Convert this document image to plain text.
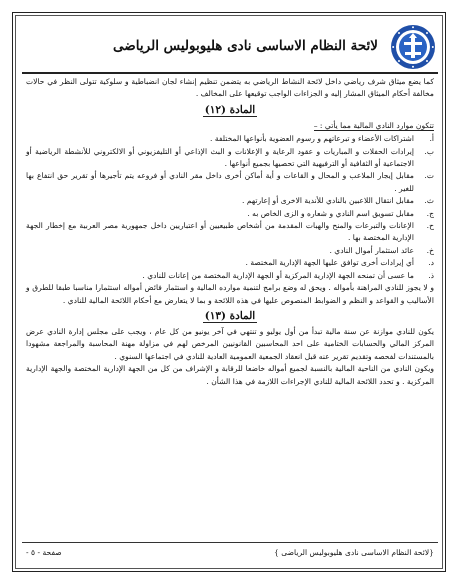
لائحة النظام الاساسى نادى هليوبوليس الرياضى

كما يضع ميثاق شرف رياضي داخل لائحة النشاط الرياضي به يتضمن تنظيم إنشاء لجان انضباطية و سلوكية تتولى النظر في حالات مخالفة أحكام الميثاق المشار إليه و الجزاءات الواجب توقيعها على المخالف .

المادة (١٢)
تتكون موارد النادي المالية مما يأتي : –
أ.
اشتراكات الأعضاء و تبرعاتهم و رسوم العضوية بأنواعها المختلفة .
ب.
إيرادات الحفلات و المباريات و عقود الرعاية و الإعلانات و البث الإذاعي أو التليفزيوني أو الالكتروني للأنشطة الرياضية أو الاجتماعية أو الثقافية أو الترفيهية التي تحصيها بجميع أنواعها .
ت.
مقابل إيجار الملاعب و المحال و القاعات و أية أماكن أخرى داخل مقر النادي أو فروعه يتم تأجيرها أو تقرير حق انتفاع بها للغير .
ث.
مقابل انتقال اللاعبين بالنادي للأندية الاخرى أو إعارتهم .
ج.
مقابل تسويق اسم النادي و شعاره و الزى الخاص به .
ح.
الإعانات والتبرعات والمنح والهبات المقدمة من أشخاص طبيعيين أو اعتباريين داخل جمهورية مصر العربية مع إخطار الجهة الإدارية المختصة بها .
خ.
عائد استثمار أموال النادي .
د.
أي إيرادات أخرى توافق عليها الجهة الإدارية المختصة .
ذ.
ما عسى أن تمنحه الجهة الإدارية المركزية أو الجهة الإدارية المختصة من إعانات للنادي .

و لا يجوز للنادي المراهنة بأمواله . ويحق له وضع برامج لتنمية موارده المالية و استثمار فائض أمواله استثمارا مناسبا طبقا للطرق و الأساليب و القواعد و النظم و الضوابط المنصوص عليها في هذه اللائحة و بما لا يتعارض مع أحكام اللائحة المالية للنادي .

المادة (١٣)

يكون للنادي موازنة عن سنة مالية تبدأ من أول يوليو و تنتهي في آخر يونيو من كل عام ، ويجب على مجلس إدارة النادي عرض المركز المالي والحسابات الختامية على احد المحاسبين القانونيين المرخص لهم في مزاولة مهنة المحاسبة والمراجعة مشهودا بالمستندات لفحصه وتقديم تقرير عنه قبل انعقاد الجمعية العمومية العادية للنادي في اجتماعها السنوي .

ويكون النادي من الناحية المالية بالنسبة لجميع أمواله خاضعا للرقابة و الإشراف من كل من الجهة الإدارية المختصة والجهة الإدارية المركزية . و تحدد اللائحة المالية للنادي الإجراءات اللازمة في هذا الشأن .

{لائحة النظام الاساسى نادى هليوبوليس الرياضى }
صفحة - ٥ -
